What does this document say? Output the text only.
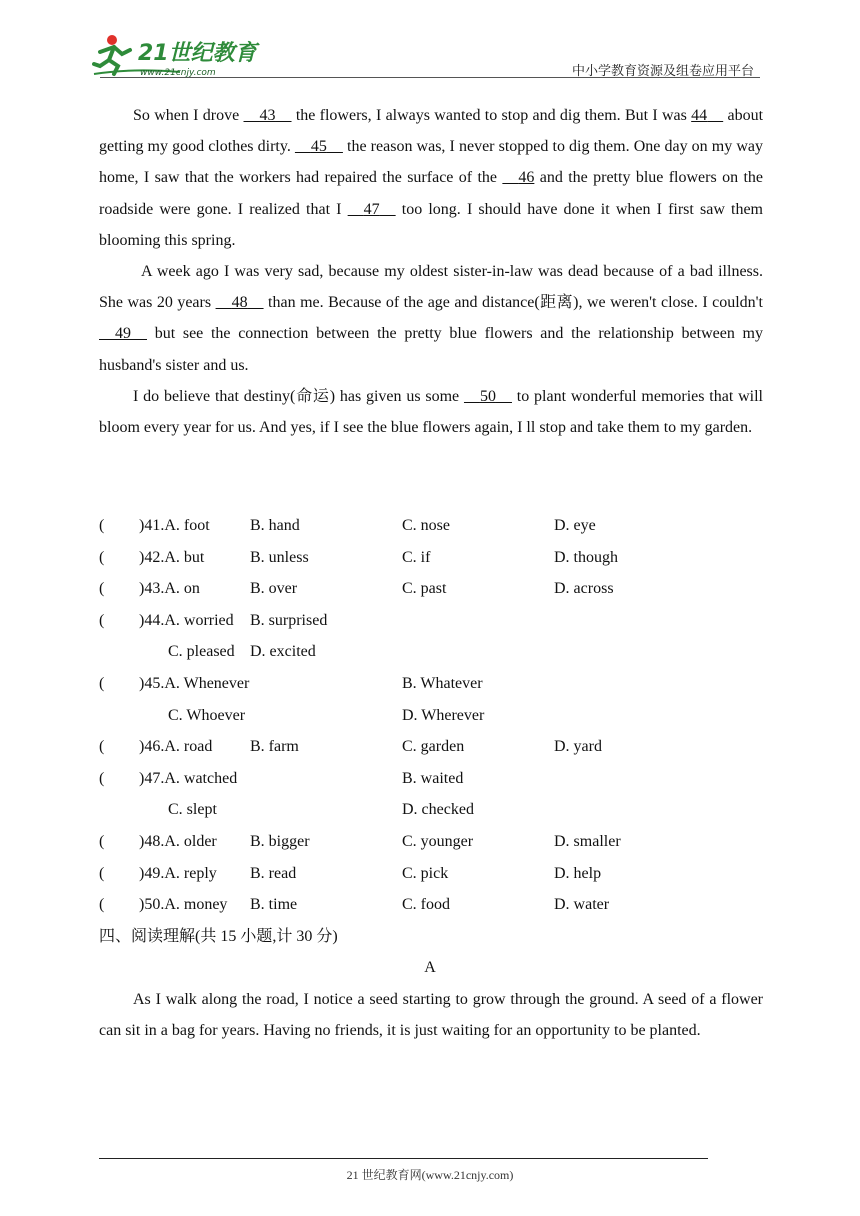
21世纪教育
www.21cnjy.com	中小学教育资源及组卷应用平台

So when I drove     43     the flowers, I always wanted to stop and dig them. But I was 44     about getting my good clothes dirty.     45     the reason was, I never stopped to dig them. One day on my way home, I saw that the workers had repaired the surface of the     46 and the pretty blue flowers on the roadside were gone. I realized that I     47     too long. I should have done it when I first saw them blooming this spring.

A week ago I was very sad, because my oldest sister-in-law was dead because of a bad illness. She was 20 years     48     than me. Because of the age and distance(距离), we weren't close. I couldn't     49     but see the connection between the pretty blue flowers and the relationship between my husband's sister and us.

I do believe that destiny(命运) has given us some     50     to plant wonderful memories that will bloom every year for us. And yes, if I see the blue flowers again, I ll stop and take them to my garden.

( )41.A. foot	B. hand	C. nose	D. eye
( )42.A. but	B. unless	C. if	D. though
( )43.A. on	B. over	C. past	D. across
( )44.A. worried B. surprised
C. pleased D. excited
( )45.A. Whenever	B. Whatever
C. Whoever	D. Wherever
( )46.A. road B. farm	C. garden	D. yard
( )47.A. watched	B. waited
C. slept	D. checked
( )48.A. older B. bigger	C. younger	D. smaller
( )49.A. reply B. read	C. pick	D. help
( )50.A. money B. time	C. food	D. water
四、阅读理解(共 15 小题,计 30 分)
A

As I walk along the road, I notice a seed starting to grow through the ground. A seed of a flower can sit in a bag for years. Having no friends, it is just waiting for an opportunity to be planted.

21 世纪教育网(www.21cnjy.com)
